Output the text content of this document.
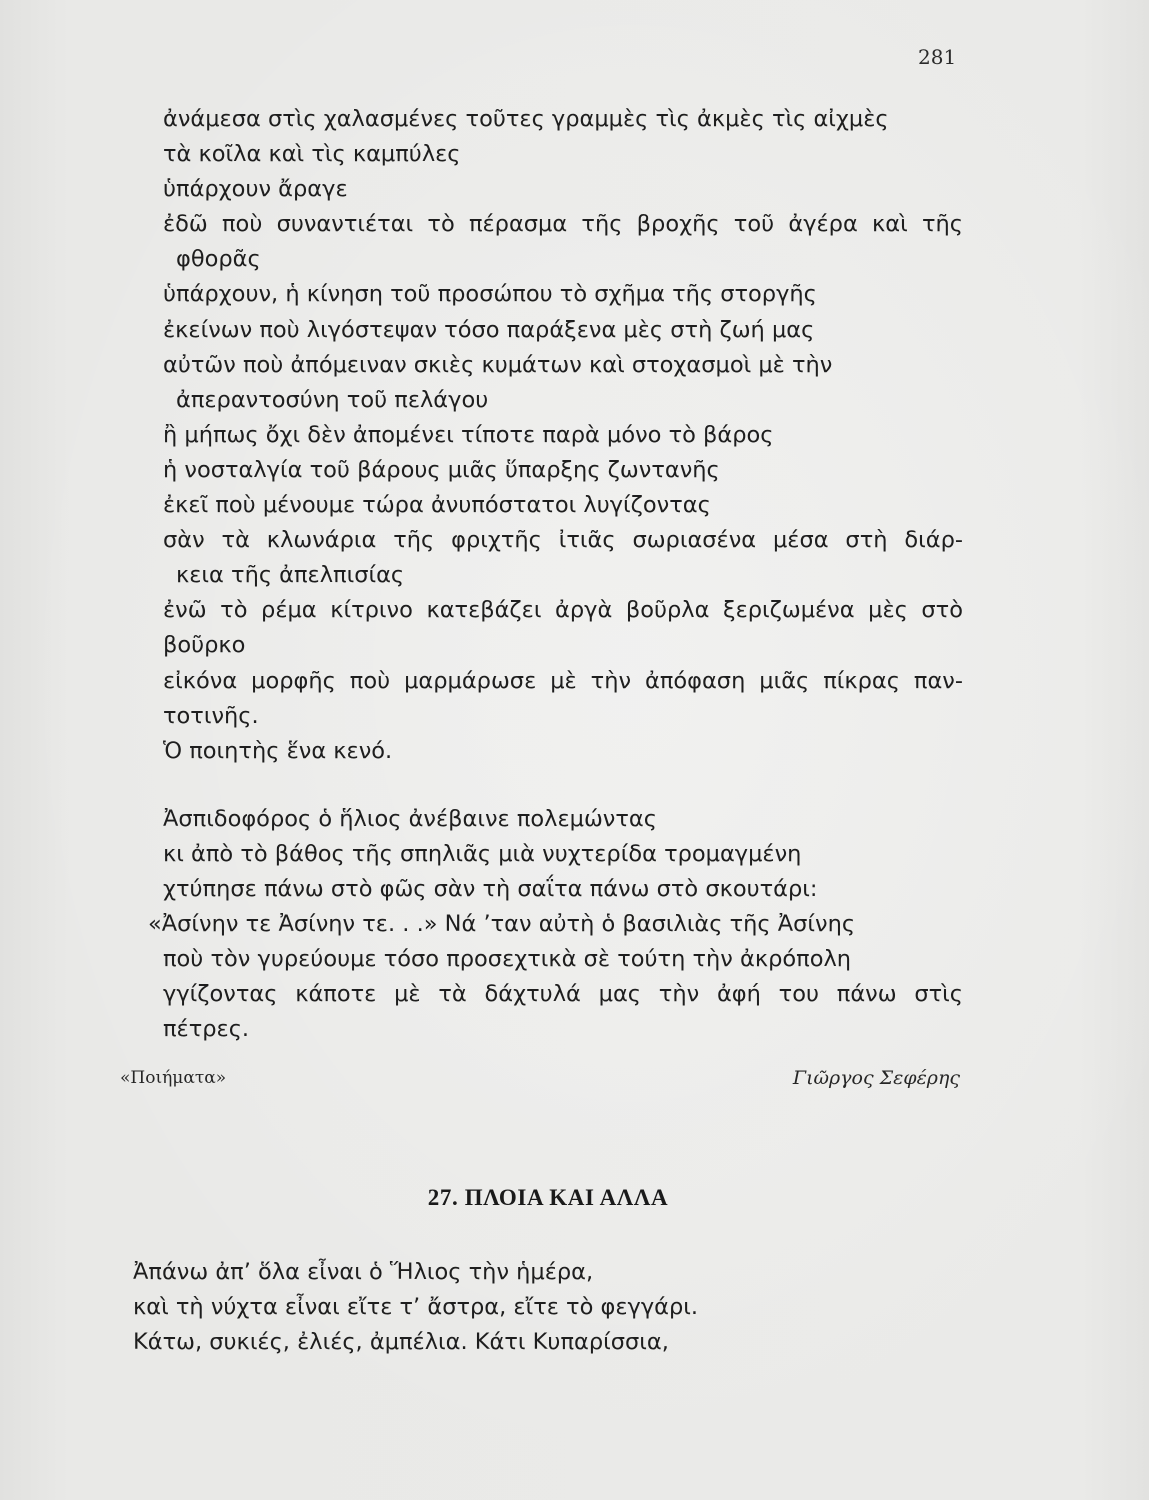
281
ἀνάμεσα στὶς χαλασμένες τοῦτες γραμμὲς τὶς ἀκμὲς τὶς αἰχμὲς
τὰ κοῖλα καὶ τὶς καμπύλες
ὑπάρχουν ἄραγε
ἐδῶ ποὺ συναντιέται τὸ πέρασμα τῆς βροχῆς τοῦ ἀγέρα καὶ τῆς
φθορᾶς
ὑπάρχουν, ἡ κίνηση τοῦ προσώπου τὸ σχῆμα τῆς στοργῆς
ἐκείνων ποὺ λιγόστεψαν τόσο παράξενα μὲς στὴ ζωή μας
αὐτῶν ποὺ ἀπόμειναν σκιὲς κυμάτων καὶ στοχασμοὶ μὲ τὴν
ἀπεραντοσύνη τοῦ πελάγου
ἢ μήπως ὄχι δὲν ἀπομένει τίποτε παρὰ μόνο τὸ βάρος
ἡ νοσταλγία τοῦ βάρους μιᾶς ὕπαρξης ζωντανῆς
ἐκεῖ ποὺ μένουμε τώρα ἀνυπόστατοι λυγίζοντας
σὰν τὰ κλωνάρια τῆς φριχτῆς ἰτιᾶς σωριασένα μέσα στὴ διάρ-
κεια τῆς ἀπελπισίας
ἐνῶ τὸ ρέμα κίτρινο κατεβάζει ἀργὰ βοῦρλα ξεριζωμένα μὲς στὸ
βοῦρκο
εἰκόνα μορφῆς ποὺ μαρμάρωσε μὲ τὴν ἀπόφαση μιᾶς πίκρας παν-
τοτινῆς.
Ὁ ποιητὴς ἕνα κενό.
Ἀσπιδοφόρος ὁ ἥλιος ἀνέβαινε πολεμώντας
κι ἀπὸ τὸ βάθος τῆς σπηλιᾶς μιὰ νυχτερίδα τρομαγμένη
χτύπησε πάνω στὸ φῶς σὰν τὴ σαΐτα πάνω στὸ σκουτάρι:
«Ἀσίνην τε Ἀσίνην τε. . .» Νά ’ταν αὐτὴ ὁ βασιλιὰς τῆς Ἀσίνης
ποὺ τὸν γυρεύουμε τόσο προσεχτικὰ σὲ τούτη τὴν ἀκρόπολη
γγίζοντας κάποτε μὲ τὰ δάχτυλά μας τὴν ἀφή του πάνω στὶς
πέτρες.
«Ποιήματα»	Γιῶργος Σεφέρης
27. ΠΛΟΙΑ ΚΑΙ ΑΛΛΑ
Ἀπάνω ἀπ’ ὅλα εἶναι ὁ Ἥλιος τὴν ἡμέρα,
καὶ τὴ νύχτα εἶναι εἴτε τ’ ἄστρα, εἴτε τὸ φεγγάρι.
Κάτω, συκιές, ἐλιές, ἀμπέλια. Κάτι Κυπαρίσσια,
